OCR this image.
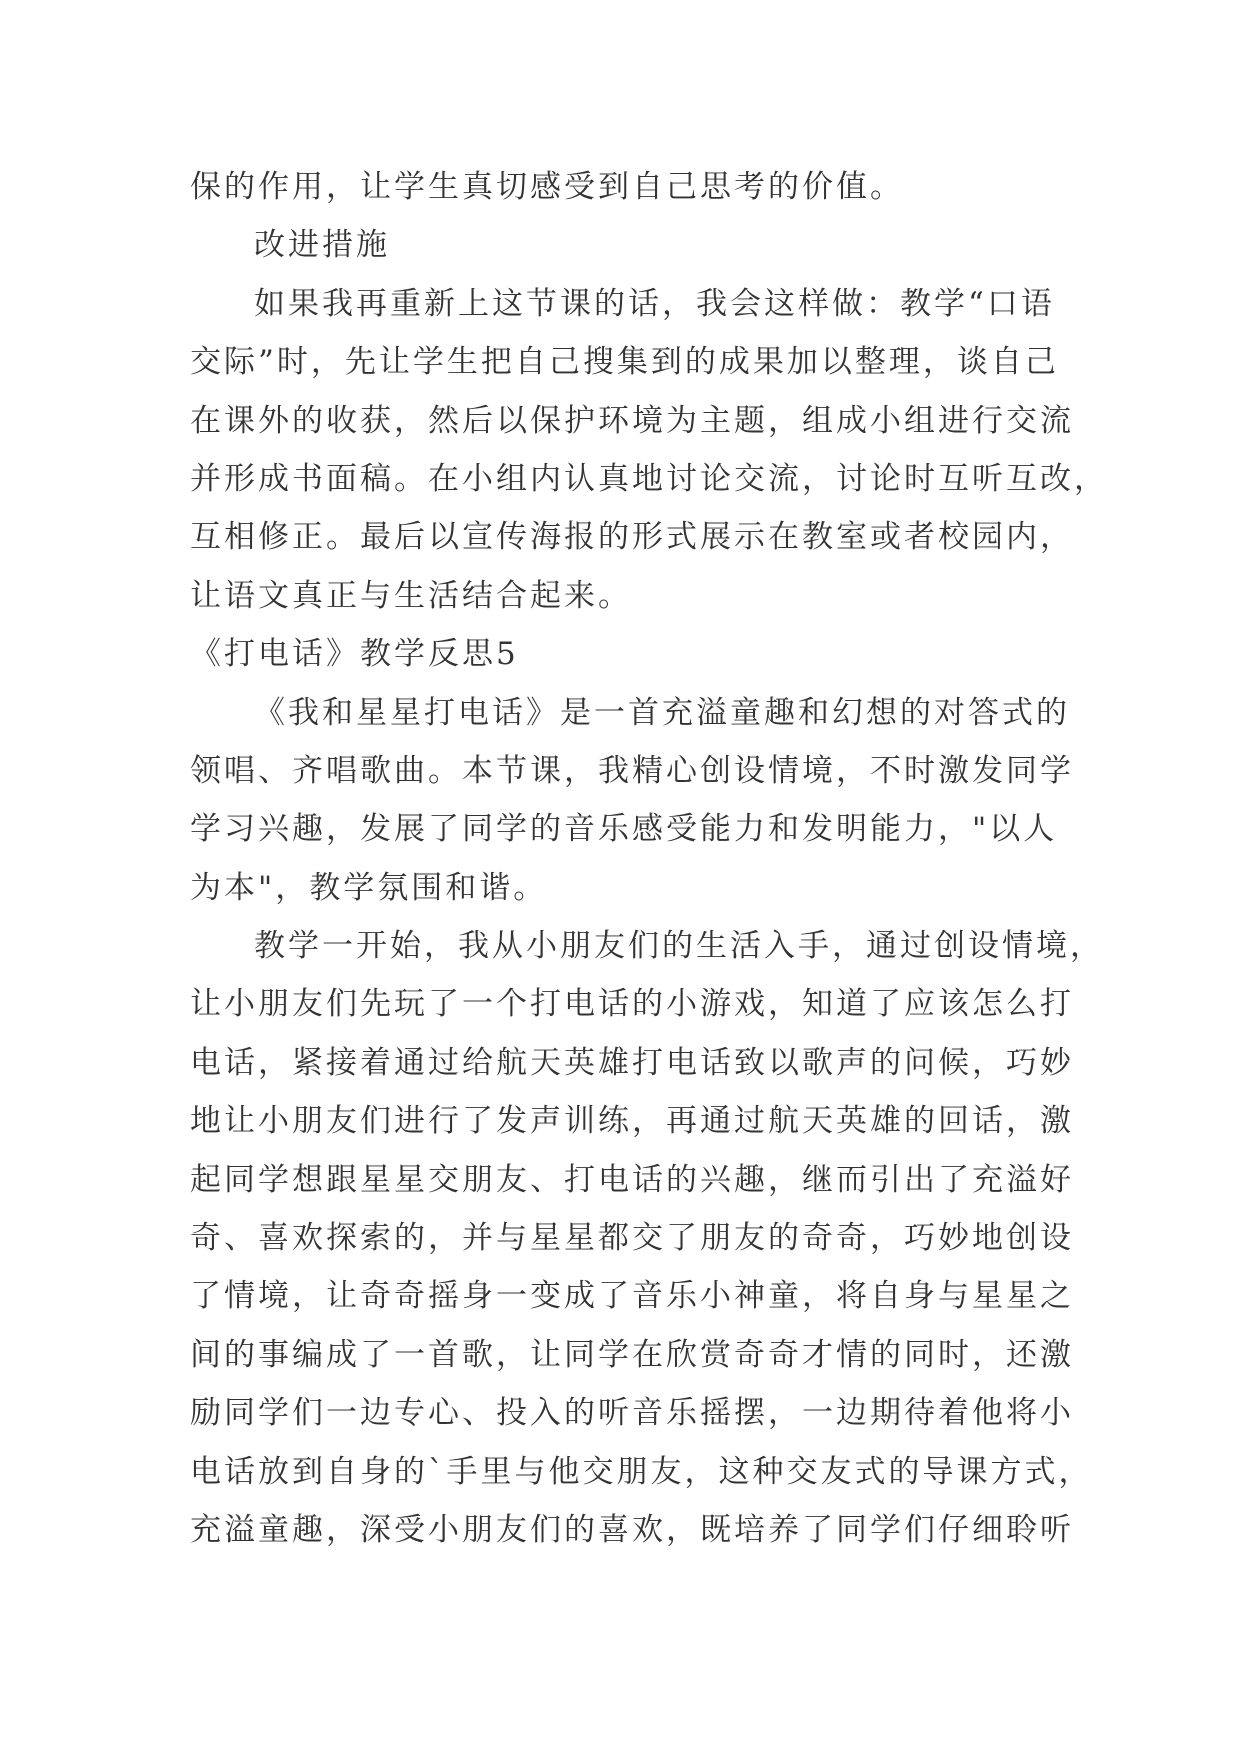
保的作用，让学生真切感受到自己思考的价值。
改进措施
如果我再重新上这节课的话，我会这样做：教学“口语
交际”时，先让学生把自己搜集到的成果加以整理，谈自己
在课外的收获，然后以保护环境为主题，组成小组进行交流
并形成书面稿。在小组内认真地讨论交流，讨论时互听互改，
互相修正。最后以宣传海报的形式展示在教室或者校园内，
让语文真正与生活结合起来。
《打电话》教学反思5
《我和星星打电话》是一首充溢童趣和幻想的对答式的
领唱、齐唱歌曲。本节课，我精心创设情境，不时激发同学
学习兴趣，发展了同学的音乐感受能力和发明能力，"以人
为本"，教学氛围和谐。
教学一开始，我从小朋友们的生活入手，通过创设情境，
让小朋友们先玩了一个打电话的小游戏，知道了应该怎么打
电话，紧接着通过给航天英雄打电话致以歌声的问候，巧妙
地让小朋友们进行了发声训练，再通过航天英雄的回话，激
起同学想跟星星交朋友、打电话的兴趣，继而引出了充溢好
奇、喜欢探索的，并与星星都交了朋友的奇奇，巧妙地创设
了情境，让奇奇摇身一变成了音乐小神童，将自身与星星之
间的事编成了一首歌，让同学在欣赏奇奇才情的同时，还激
励同学们一边专心、投入的听音乐摇摆，一边期待着他将小
电话放到自身的`手里与他交朋友，这种交友式的导课方式，
充溢童趣，深受小朋友们的喜欢，既培养了同学们仔细聆听
